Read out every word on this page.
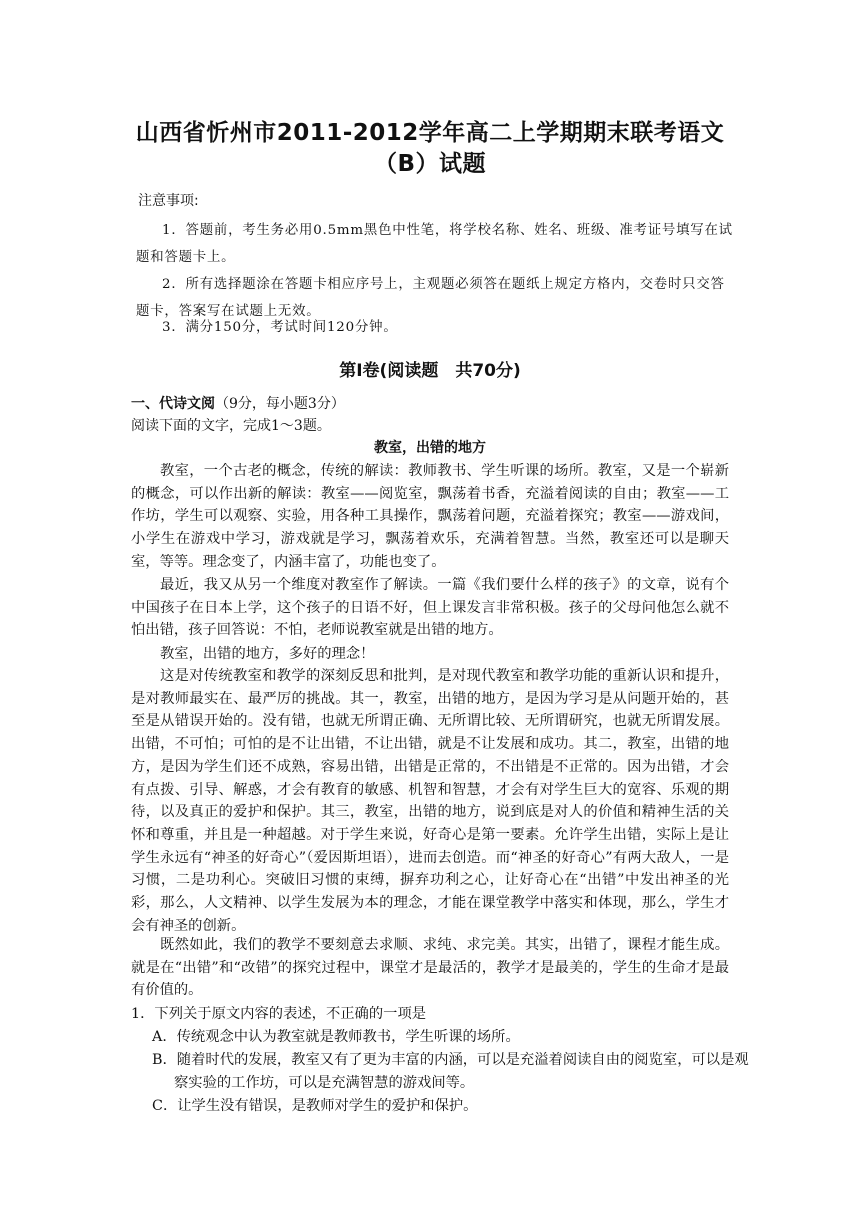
山西省忻州市2011-2012学年高二上学期期末联考语文（B）试题
注意事项:
1．答题前，考生务必用0.5mm黑色中性笔，将学校名称、姓名、班级、准考证号填写在试题和答题卡上。
2．所有选择题涂在答题卡相应序号上，主观题必须答在题纸上规定方格内，交卷时只交答题卡，答案写在试题上无效。
3．满分150分，考试时间120分钟。
第Ⅰ卷(阅读题　共70分)
一、代诗文阅（9分，每小题3分）
阅读下面的文字，完成1～3题。
教室，出错的地方
教室，一个古老的概念，传统的解读：教师教书、学生听课的场所。教室，又是一个崭新的概念，可以作出新的解读：教室——阅览室，飘荡着书香，充溢着阅读的自由；教室——工作坊，学生可以观察、实验，用各种工具操作，飘荡着问题，充溢着探究；教室——游戏间，小学生在游戏中学习，游戏就是学习，飘荡着欢乐，充满着智慧。当然，教室还可以是聊天室，等等。理念变了，内涵丰富了，功能也变了。
最近，我又从另一个维度对教室作了解读。一篇《我们要什么样的孩子》的文章，说有个中国孩子在日本上学，这个孩子的日语不好，但上课发言非常积极。孩子的父母问他怎么就不怕出错，孩子回答说：不怕，老师说教室就是出错的地方。
教室，出错的地方，多好的理念！
这是对传统教室和教学的深刻反思和批判，是对现代教室和教学功能的重新认识和提升，是对教师最实在、最严厉的挑战。其一，教室，出错的地方，是因为学习是从问题开始的，甚至是从错误开始的。没有错，也就无所谓正确、无所谓比较、无所谓研究，也就无所谓发展。出错，不可怕；可怕的是不让出错，不让出错，就是不让发展和成功。其二，教室，出错的地方，是因为学生们还不成熟，容易出错，出错是正常的，不出错是不正常的。因为出错，才会有点拨、引导、解惑，才会有教育的敏感、机智和智慧，才会有对学生巨大的宽容、乐观的期待，以及真正的爱护和保护。其三，教室，出错的地方，说到底是对人的价值和精神生活的关怀和尊重，并且是一种超越。对于学生来说，好奇心是第一要素。允许学生出错，实际上是让学生永远有“神圣的好奇心”（爱因斯坦语），进而去创造。而“神圣的好奇心”有两大敌人，一是习惯，二是功利心。突破旧习惯的束缚，摒弃功利之心，让好奇心在“出错”中发出神圣的光彩，那么，人文精神、以学生发展为本的理念，才能在课堂教学中落实和体现，那么，学生才会有神圣的创新。
既然如此，我们的教学不要刻意去求顺、求纯、求完美。其实，出错了，课程才能生成。就是在“出错”和“改错”的探究过程中，课堂才是最活的，教学才是最美的，学生的生命才是最有价值的。
1．下列关于原文内容的表述，不正确的一项是
A．传统观念中认为教室就是教师教书，学生听课的场所。
B．随着时代的发展，教室又有了更为丰富的内涵，可以是充溢着阅读自由的阅览室，可以是观察实验的工作坊，可以是充满智慧的游戏间等。
C．让学生没有错误，是教师对学生的爱护和保护。
